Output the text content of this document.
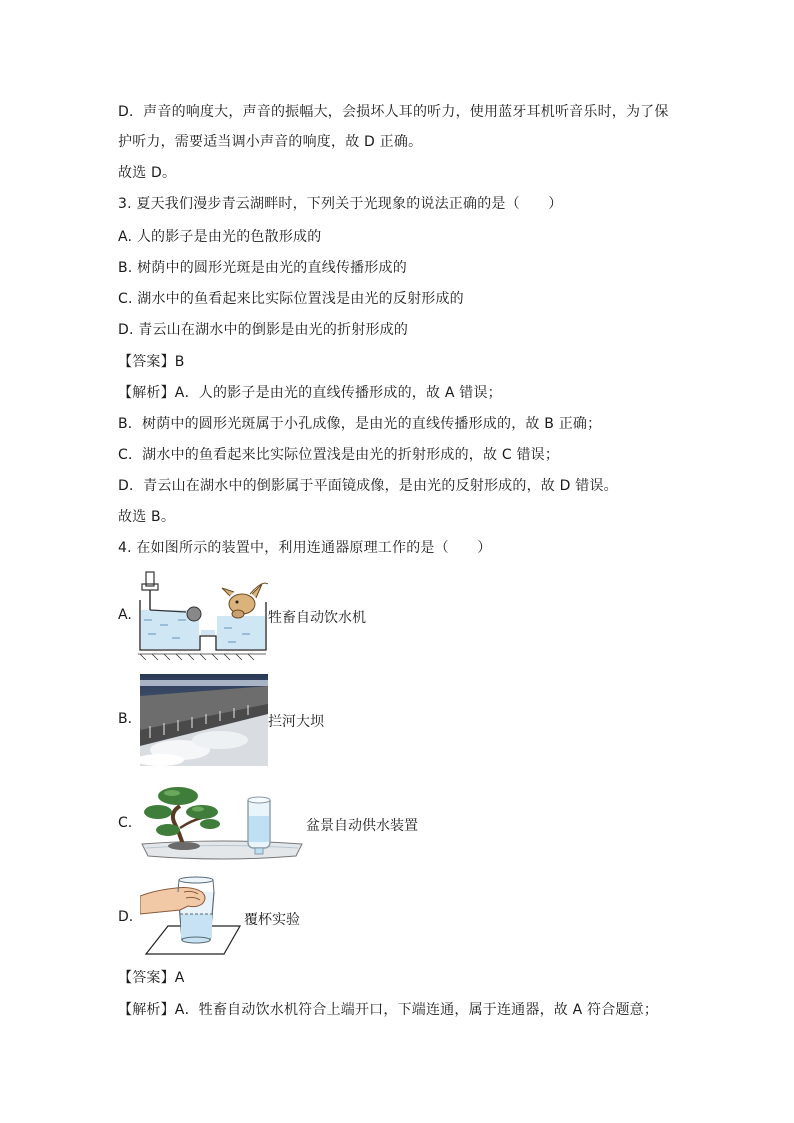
D．声音的响度大，声音的振幅大，会损坏人耳的听力，使用蓝牙耳机听音乐时，为了保
护听力，需要适当调小声音的响度，故 D 正确。
故选 D。
3. 夏天我们漫步青云湖畔时，下列关于光现象的说法正确的是（　　）
A. 人的影子是由光的色散形成的
B. 树荫中的圆形光斑是由光的直线传播形成的
C. 湖水中的鱼看起来比实际位置浅是由光的反射形成的
D. 青云山在湖水中的倒影是由光的折射形成的
【答案】B
【解析】A．人的影子是由光的直线传播形成的，故 A 错误；
B．树荫中的圆形光斑属于小孔成像，是由光的直线传播形成的，故 B 正确；
C．湖水中的鱼看起来比实际位置浅是由光的折射形成的，故 C 错误；
D．青云山在湖水中的倒影属于平面镜成像，是由光的反射形成的，故 D 错误。
故选 B。
4. 在如图所示的装置中，利用连通器原理工作的是（　　）
A.	牲畜自动饮水机
B.	拦河大坝
C.	盆景自动供水装置
D.	覆杯实验
【答案】A
【解析】A．牲畜自动饮水机符合上端开口，下端连通，属于连通器，故 A 符合题意；
